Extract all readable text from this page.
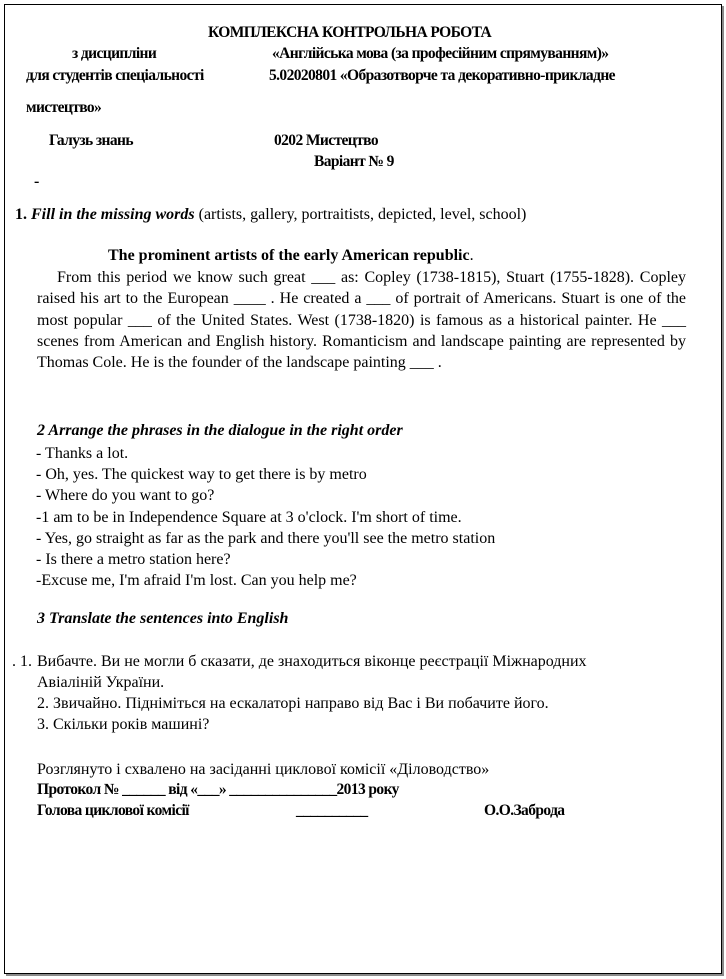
КОМПЛЕКСНА КОНТРОЛЬНА РОБОТА
з дисципліни	«Англійська мова (за професійним спрямуванням)»
для студентів спеціальності	5.02020801 «Образотворче та декоративно-прикладне
мистецтво»
Галузь знань	0202 Мистецтво
Варіант № 9
-
1. Fill in the missing words (artists, gallery, portraitists, depicted, level, school)
The prominent artists of the early American republic.
From this period we know such great ___ as: Copley (1738-1815), Stuart (1755-1828). Copley raised his art to the European ____ . He created a ___ of portrait of Americans. Stuart is one of the most popular ___ of the United States. West (1738-1820) is famous as a historical painter. He ___ scenes from American and English history. Romanticism and landscape painting are represented by Thomas Cole. He is the founder of the landscape painting ___ .
2 Arrange the phrases in the dialogue in the right order
- Thanks a lot.
- Oh, yes. The quickest way to get there is by metro
- Where do you want to go?
-1 am to be in Independence Square at 3 o'clock. I'm short of time.
- Yes, go straight as far as the park and there you'll see the metro station
- Is there a metro station here?
-Excuse me, I'm afraid I'm lost. Can you help me?
3 Translate the sentences into English
. 1. Вибачте. Ви не могли б сказати, де знаходиться віконце реєстрації Міжнародних
Авіаліній України.
2. Звичайно. Підніміться на ескалаторі направо від Вас і Ви побачите його.
3. Скільки років машині?
Розглянуто і схвалено на засіданні циклової комісії «Діловодство»
Протокол № ______ від «___» _______________2013 року
Голова циклової комісії	__________	О.О.Заброда
